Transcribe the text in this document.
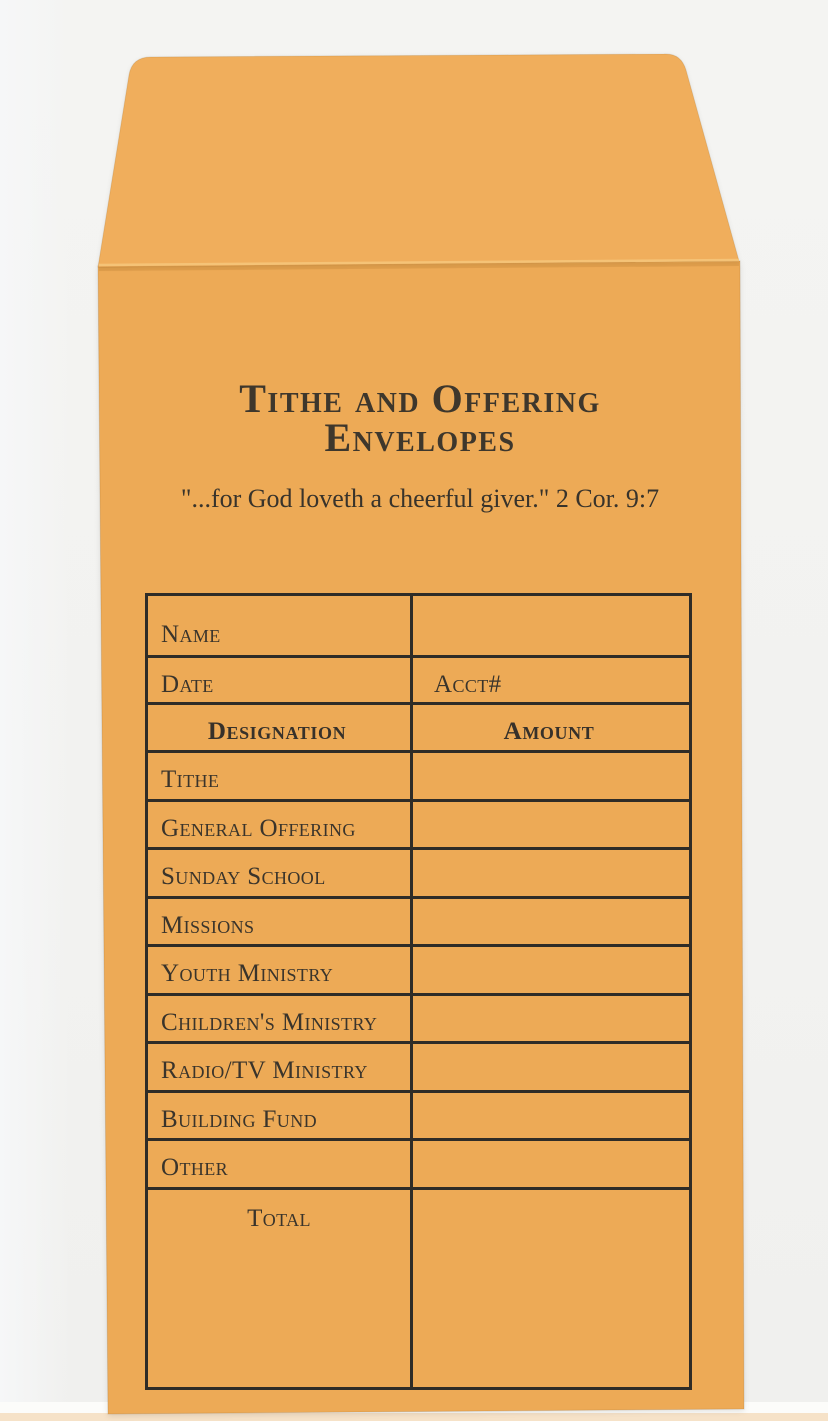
Tithe and Offering
Envelopes
"...for God loveth a cheerful giver." 2 Cor. 9:7
Name
Date	Acct#
Designation	Amount
Tithe
General Offering
Sunday School
Missions
Youth Ministry
Children's Ministry
Radio/TV Ministry
Building Fund
Other
Total
